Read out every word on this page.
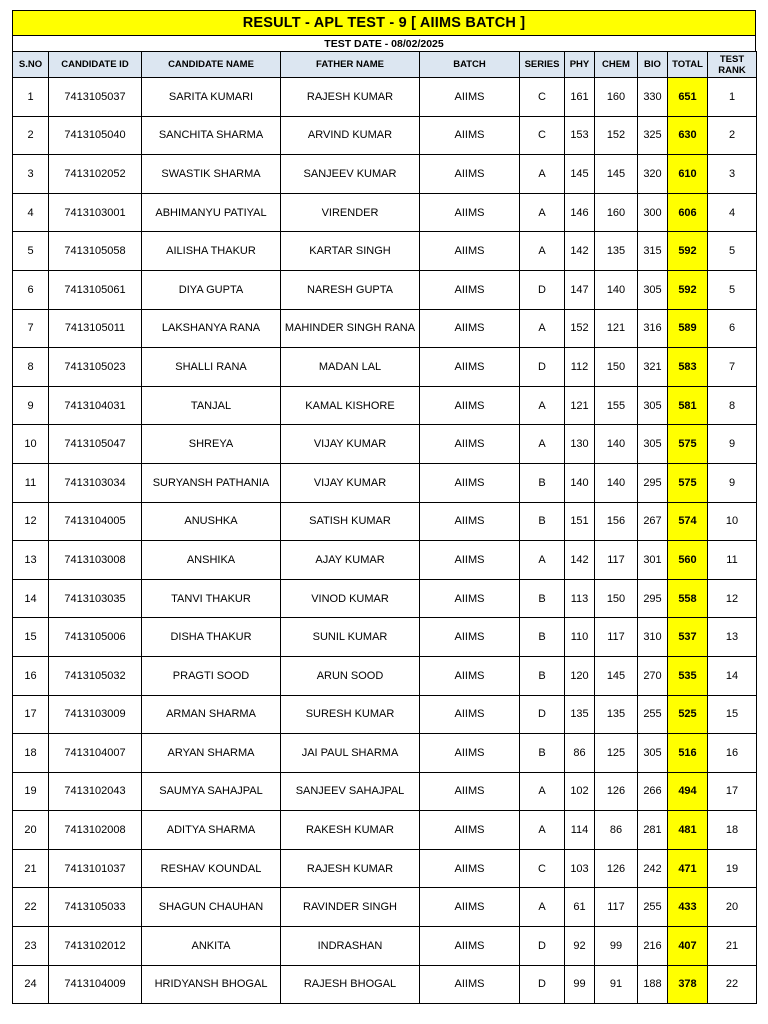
RESULT - APL TEST - 9 [ AIIMS BATCH ]
TEST DATE - 08/02/2025
S.NO	CANDIDATE ID	CANDIDATE NAME	FATHER NAME	BATCH	SERIES	PHY	CHEM	BIO	TOTAL	TEST RANK
1	7413105037	SARITA KUMARI	RAJESH KUMAR	AIIMS	C	161	160	330	651	1
2	7413105040	SANCHITA SHARMA	ARVIND KUMAR	AIIMS	C	153	152	325	630	2
3	7413102052	SWASTIK SHARMA	SANJEEV KUMAR	AIIMS	A	145	145	320	610	3
4	7413103001	ABHIMANYU PATIYAL	VIRENDER	AIIMS	A	146	160	300	606	4
5	7413105058	AILISHA THAKUR	KARTAR SINGH	AIIMS	A	142	135	315	592	5
6	7413105061	DIYA GUPTA	NARESH GUPTA	AIIMS	D	147	140	305	592	5
7	7413105011	LAKSHANYA RANA	MAHINDER SINGH RANA	AIIMS	A	152	121	316	589	6
8	7413105023	SHALLI RANA	MADAN LAL	AIIMS	D	112	150	321	583	7
9	7413104031	TANJAL	KAMAL KISHORE	AIIMS	A	121	155	305	581	8
10	7413105047	SHREYA	VIJAY KUMAR	AIIMS	A	130	140	305	575	9
11	7413103034	SURYANSH PATHANIA	VIJAY KUMAR	AIIMS	B	140	140	295	575	9
12	7413104005	ANUSHKA	SATISH KUMAR	AIIMS	B	151	156	267	574	10
13	7413103008	ANSHIKA	AJAY KUMAR	AIIMS	A	142	117	301	560	11
14	7413103035	TANVI THAKUR	VINOD KUMAR	AIIMS	B	113	150	295	558	12
15	7413105006	DISHA THAKUR	SUNIL KUMAR	AIIMS	B	110	117	310	537	13
16	7413105032	PRAGTI SOOD	ARUN SOOD	AIIMS	B	120	145	270	535	14
17	7413103009	ARMAN SHARMA	SURESH KUMAR	AIIMS	D	135	135	255	525	15
18	7413104007	ARYAN SHARMA	JAI PAUL SHARMA	AIIMS	B	86	125	305	516	16
19	7413102043	SAUMYA SAHAJPAL	SANJEEV SAHAJPAL	AIIMS	A	102	126	266	494	17
20	7413102008	ADITYA SHARMA	RAKESH KUMAR	AIIMS	A	114	86	281	481	18
21	7413101037	RESHAV KOUNDAL	RAJESH KUMAR	AIIMS	C	103	126	242	471	19
22	7413105033	SHAGUN CHAUHAN	RAVINDER SINGH	AIIMS	A	61	117	255	433	20
23	7413102012	ANKITA	INDRASHAN	AIIMS	D	92	99	216	407	21
24	7413104009	HRIDYANSH BHOGAL	RAJESH BHOGAL	AIIMS	D	99	91	188	378	22
